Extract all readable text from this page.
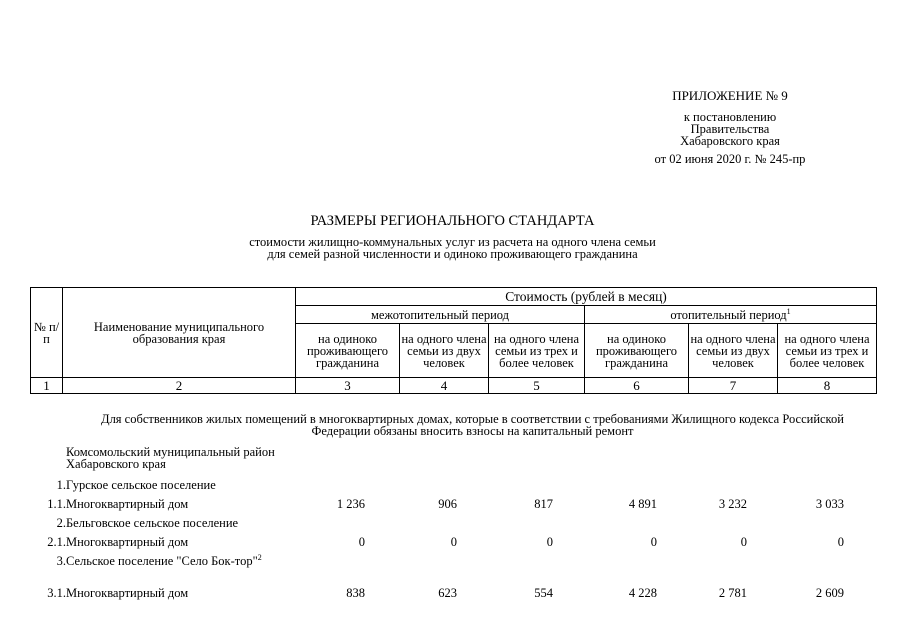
ПРИЛОЖЕНИЕ № 9
к постановлению
Правительства
Хабаровского края
от 02 июня 2020 г. № 245-пр
РАЗМЕРЫ РЕГИОНАЛЬНОГО СТАНДАРТА
стоимости жилищно-коммунальных услуг из расчета на одного члена семьи
для семей разной численности и одиноко проживающего гражданина
№ п/п	Наименование муниципального образования края	Стоимость (рублей в месяц)					
		межотопительный период			отопительный период$^1$
		на одиноко проживающего гражданина	на одного члена семьи из двух человек	на одного члена семьи из трех и более человек	на одиноко проживающего гражданина	на одного члена семьи из двух человек	на одного члена семьи из трех и более человек
1	2	3	4	5	6	7	8
Для собственников жилых помещений в многоквартирных домах, которые в соответствии с требованиями Жилищного кодекса Российской Федерации обязаны вносить взносы на капитальный ремонт
Комсомольский муниципальный район Хабаровского края
1. Гурское сельское поселение
1.1. Многоквартирный дом	1 236	906	817	4 891	3 232	3 033
2. Бельговское сельское поселение
2.1. Многоквартирный дом	0	0	0	0	0	0
3. Сельское поселение "Село Бок-тор"$^2$
3.1. Многоквартирный дом	838	623	554	4 228	2 781	2 609
